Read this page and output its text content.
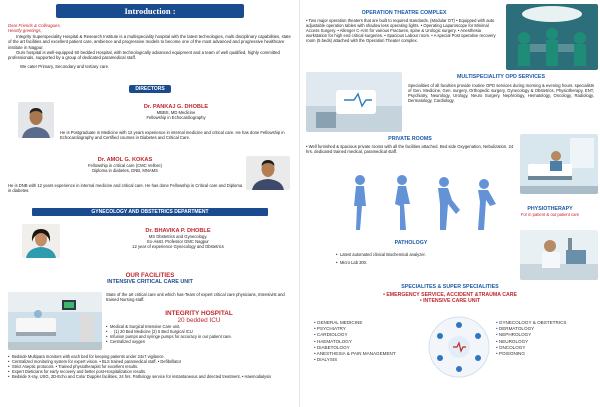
Introduction :

Dear Friends & Colleagues,

Heartly greetings,

Integrity Superspeciality Hospital & Research Institute is a multispeciality hospital with the latest technologies, multi disciplinary capabilities, state of the art facilities and excellent patient care, ambience and progressive models to become one of the most advanced and progressive healthcare institute in Nagpur.

Ours hospital is well-equipped 50 bedded Hospital, with technologically advanced equipment and a team of well qualified, highly committed professionals, supported by a group of dedicated paramedical staff.

We cater Primary, Secondary and tertiary care.

DIRECTORS
Dr. PANKAJ G. DHOBLE
MBBS, MD Medicine
Fellowship in Echocardiography
He is Postgraduate in Medicine with 12 years experience in internal medicine and critical care. He has done Fellowship in Echocardiography and Certified courses in Diabetes and Critical Care.
Dr. AMOL G. KOKAS
Fellowship in critical care (CMC Vellore)
Diploma in diabetes, DNB, MNAMS
He is DNB with 12 years experience in internal medicine and critical care. He has done Fellowship in Critical care and Diploma in diabetes.
GYNECOLOGY AND OBSTETRICS DEPARTMENT
Dr. BHAVIKA P. DHOBLE
MS Obstetrics and Gynecology.
Ex-Asstt. Professor GMC Nagpur
12 year of experience Gynecology and Obstetrics
OUR FACILITIES
INTENSIVE CRITICAL CARE UNIT
State of the art critical care unit which has-Team of expert critical care physicians, Intensivist and trained Nursing staff.
INTEGRITY HOSPITAL
20 bedded ICU
• Medical & Surgical Intensive Care unit.
• (1) 20 Bed Medicine (2) 5 Bed Surgical ICU
• Infusion pumps and syringe pumps for accuracy in our patient care.
• Centralized oxygen
• Bedside Multipara monitors with each bed for keeping patients under 24x7 vigilance.
• Centralized monitoring system for expert vision. • BLS trained paramedical staff. • Defibrillator
• Strict Aseptic protocols. • Trained physiotherapist for excellent results.
• Expert Dieticians for early recovery and better post-Hospitalization results.
• Bedside X-ray, USG, 2D-Echo and Color Doppler facilities, 24 hrs. Pathology service for instantaneous and directed treatment. • Haemodialysis
OPERATION THEATRE COMPLEX
• Two major operation theaters that are built to required standards. (Modular OT) • Equipped with auto adjustable operation tables with shadow less operating lights. • Operating Laparoscope for Minimal Access Surgery. • Allenger C-Arm for various Fractures, spine & Urologic surgery. • Anesthesia workstation for high end critical surgeries. • Spacious Labour room. • A special Post operative recovery room (5 beds) attached with the Operation Theater complex.
MULTISPECIALITY OPD SERVICES
Specialities of all faculties provide routine OPD services during morning & evening hours. specialists of Gen. Medicine, Gen. surgery, Orthopedic surgery, Gynecology & Obstetrics, Physiotherapy, ENT, Psychiatry, Neurology, Urology, Neuro Surgery, Nephrology, Hematology, Oncology, Radiology, Dermatology, Cardiology.
PRIVATE ROOMS
• Well furnished & spacious private rooms with all the facilities attached. Bed side Oxygenation, Nebulization. 24 hrs. dedicated trained medical, paramedical staff.
PHYSIOTHERAPY
For in patient & out patient care
PATHOLOGY
• Latest automated clinical Biochemical analyzer.
• Micro Lab 300.
SPECIALITES & SUPER SPECIALITIES
• EMERGENCY SERVICE, ACCIDENT &TRAUMA CARE
• INTENSIVE CARE UNIT
• GENERAL MEDICINE
• PSYCHIATRY
• CARDIOLOGY
• HAEMATOLOGY
• DIABETOLOGY
• ANESTHESIA & PAIN MANAGEMENT
• DIALYSIS
• GYNECOLOGY & OBSTETRICS
• DERMATOLOGY
• NEPHROLOGY
• NEUROLOGY
• ONCOLOGY
• POISONING
